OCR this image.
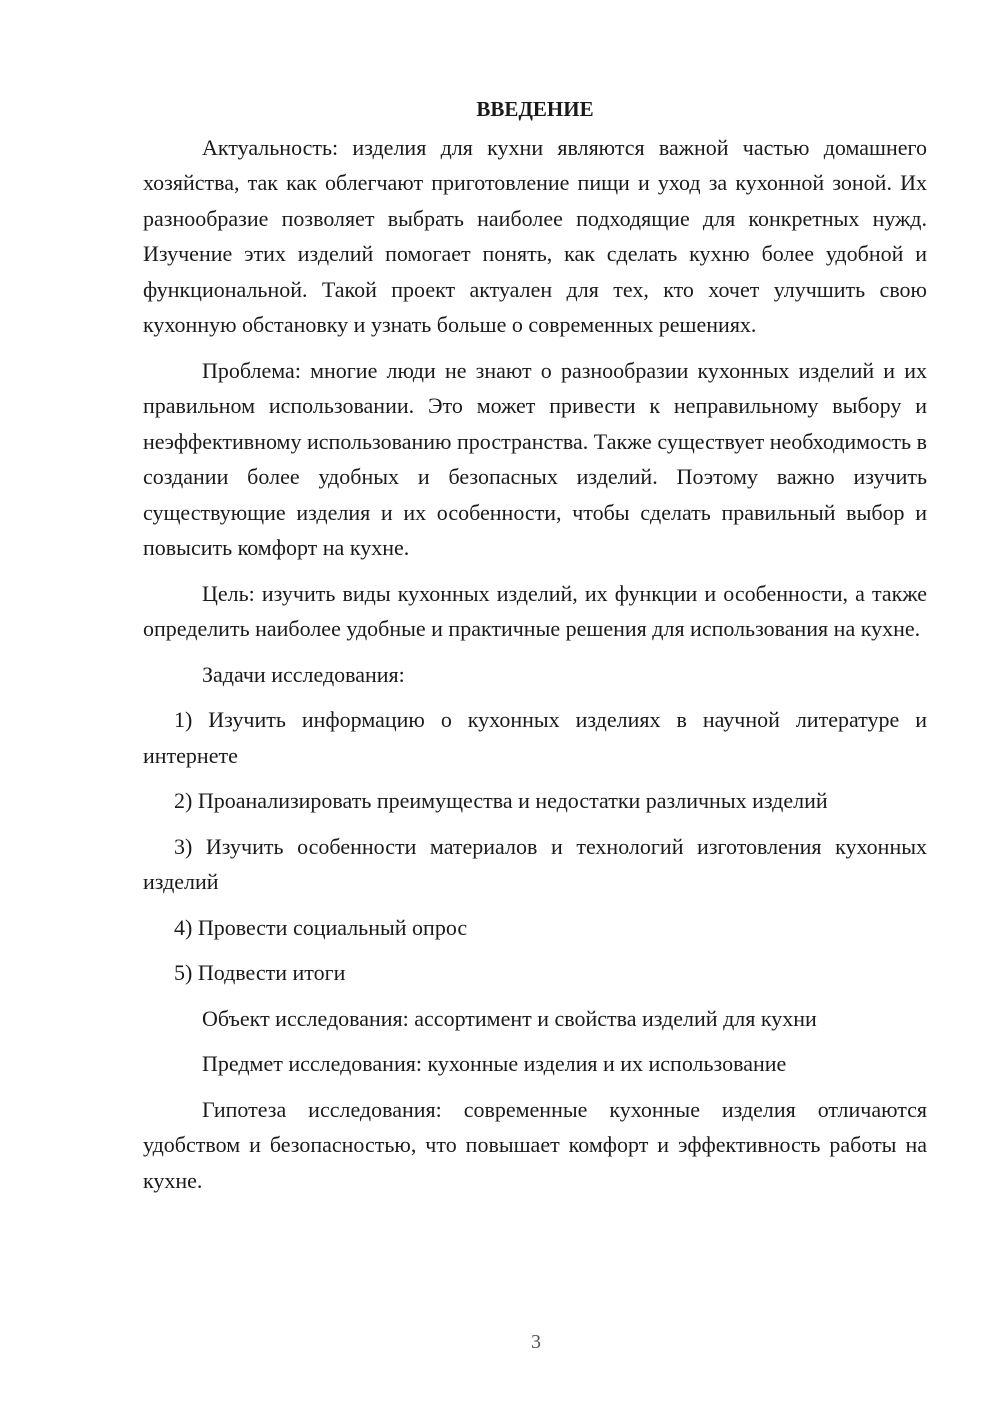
ВВЕДЕНИЕ

Актуальность: изделия для кухни являются важной частью домашнего хозяйства, так как облегчают приготовление пищи и уход за кухонной зоной. Их разнообразие позволяет выбрать наиболее подходящие для конкретных нужд. Изучение этих изделий помогает понять, как сделать кухню более удобной и функциональной. Такой проект актуален для тех, кто хочет улучшить свою кухонную обстановку и узнать больше о современных решениях.

Проблема: многие люди не знают о разнообразии кухонных изделий и их правильном использовании. Это может привести к неправильному выбору и неэффективному использованию пространства. Также существует необходимость в создании более удобных и безопасных изделий. Поэтому важно изучить существующие изделия и их особенности, чтобы сделать правильный выбор и повысить комфорт на кухне.

Цель: изучить виды кухонных изделий, их функции и особенности, а также определить наиболее удобные и практичные решения для использования на кухне.

Задачи исследования:

1) Изучить информацию о кухонных изделиях в научной литературе и интернете

2) Проанализировать преимущества и недостатки различных изделий

3) Изучить особенности материалов и технологий изготовления кухонных изделий

4) Провести социальный опрос

5) Подвести итоги

Объект исследования: ассортимент и свойства изделий для кухни

Предмет исследования: кухонные изделия и их использование

Гипотеза исследования: современные кухонные изделия отличаются удобством и безопасностью, что повышает комфорт и эффективность работы на кухне.

3
